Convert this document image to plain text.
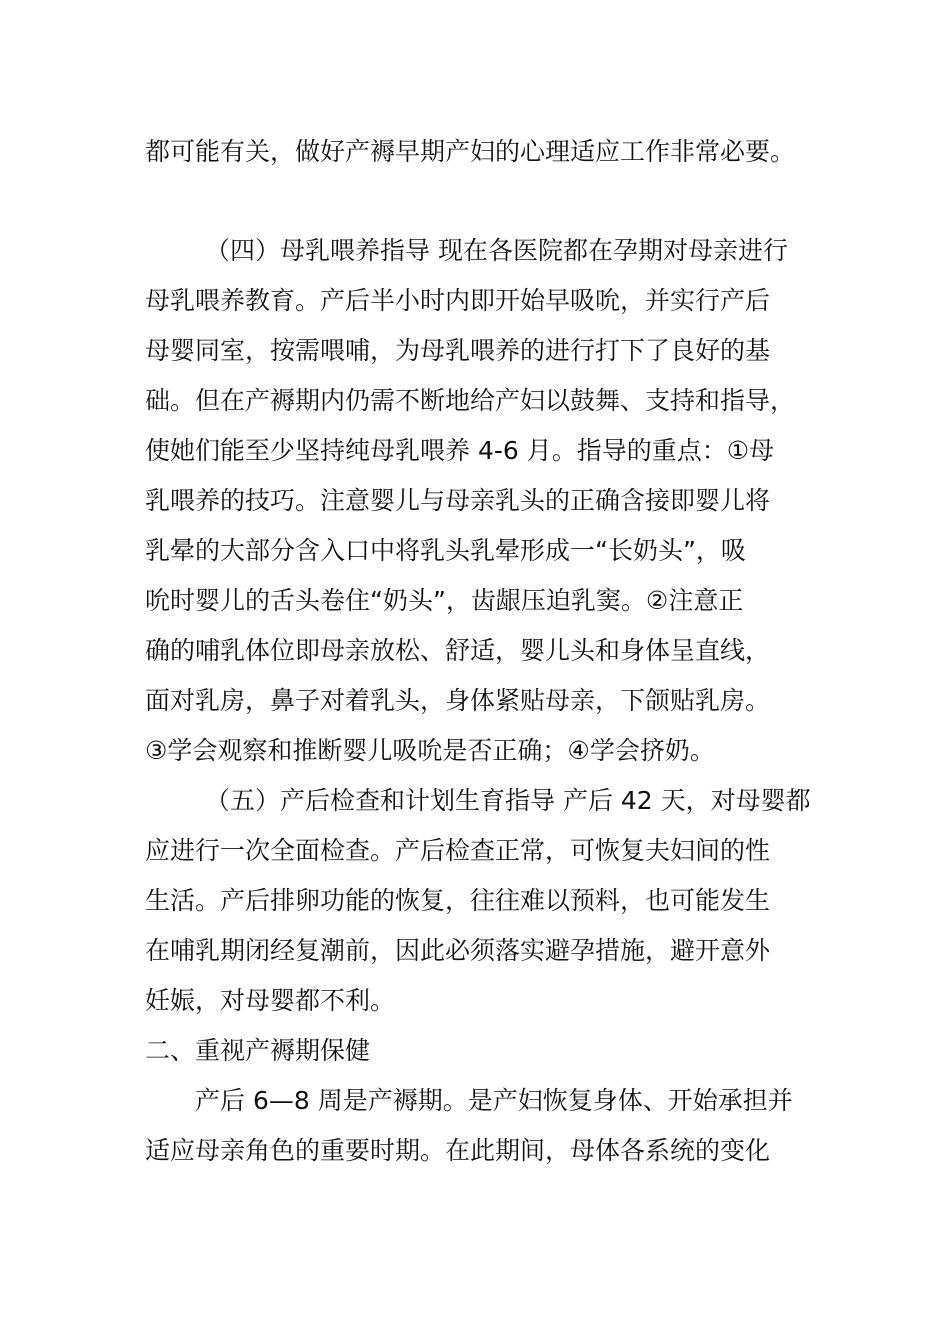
都可能有关，做好产褥早期产妇的心理适应工作非常必要。
（四）母乳喂养指导 现在各医院都在孕期对母亲进行
母乳喂养教育。产后半小时内即开始早吸吮，并实行产后
母婴同室，按需喂哺，为母乳喂养的进行打下了良好的基
础。但在产褥期内仍需不断地给产妇以鼓舞、支持和指导，
使她们能至少坚持纯母乳喂养 4-6 月。指导的重点：①母
乳喂养的技巧。注意婴儿与母亲乳头的正确含接即婴儿将
乳晕的大部分含入口中将乳头乳晕形成一“长奶头”，吸
吮时婴儿的舌头卷住“奶头”，齿龈压迫乳窦。②注意正
确的哺乳体位即母亲放松、舒适，婴儿头和身体呈直线，
面对乳房，鼻子对着乳头，身体紧贴母亲，下颌贴乳房。
③学会观察和推断婴儿吸吮是否正确；④学会挤奶。
（五）产后检查和计划生育指导 产后 42 天，对母婴都
应进行一次全面检查。产后检查正常，可恢复夫妇间的性
生活。产后排卵功能的恢复，往往难以预料，也可能发生
在哺乳期闭经复潮前，因此必须落实避孕措施，避开意外
妊娠，对母婴都不利。
二、重视产褥期保健
产后 6—8 周是产褥期。是产妇恢复身体、开始承担并
适应母亲角色的重要时期。在此期间，母体各系统的变化
